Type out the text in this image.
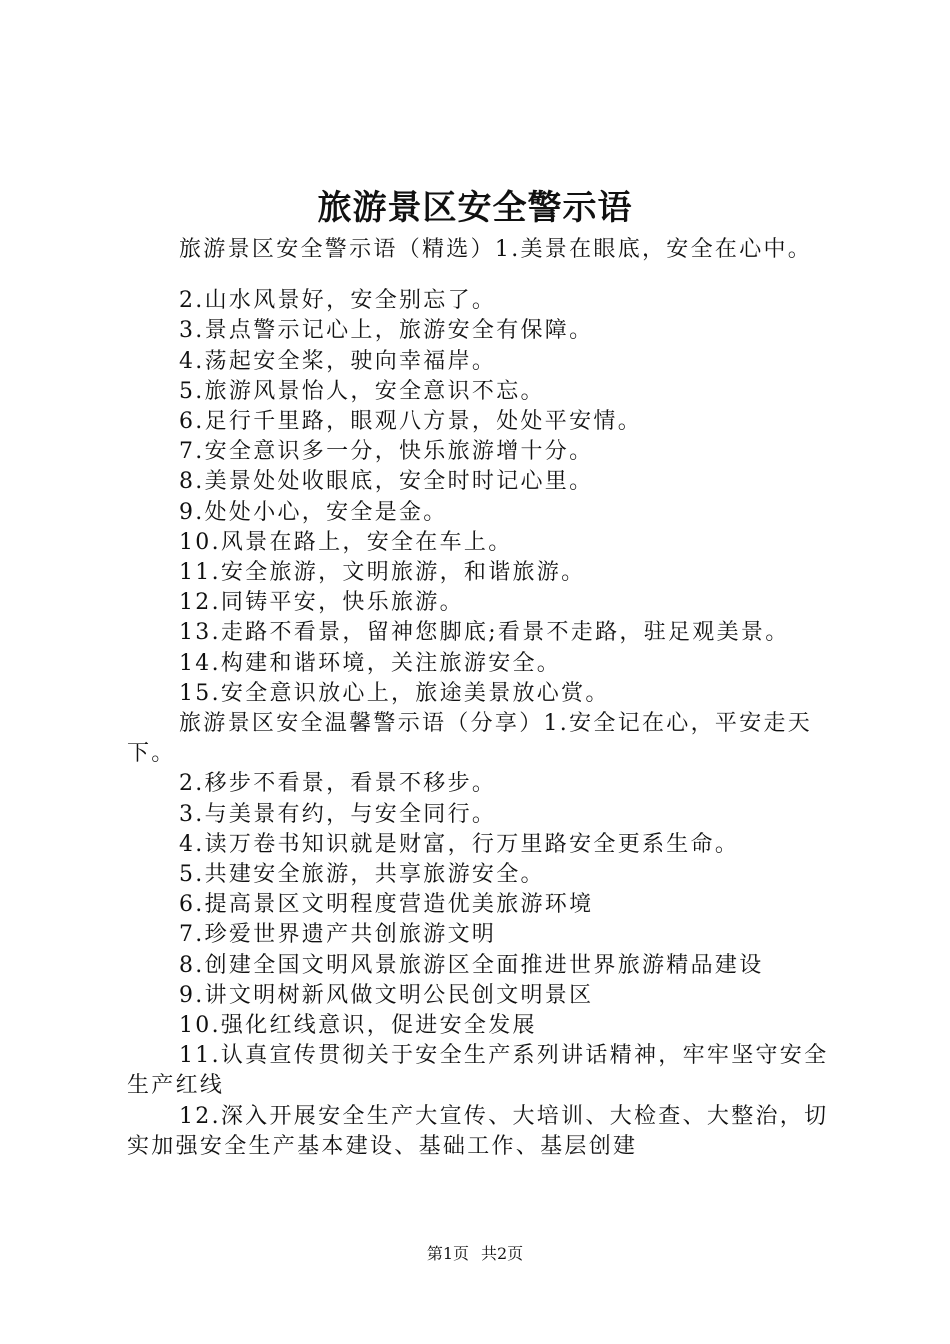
旅游景区安全警示语

旅游景区安全警示语（精选）1.美景在眼底，安全在心中。

2.山水风景好，安全别忘了。

3.景点警示记心上，旅游安全有保障。

4.荡起安全桨，驶向幸福岸。

5.旅游风景怡人，安全意识不忘。

6.足行千里路，眼观八方景，处处平安情。

7.安全意识多一分，快乐旅游增十分。

8.美景处处收眼底，安全时时记心里。

9.处处小心，安全是金。

10.风景在路上，安全在车上。

11.安全旅游，文明旅游，和谐旅游。

12.同铸平安，快乐旅游。

13.走路不看景，留神您脚底;看景不走路，驻足观美景。

14.构建和谐环境，关注旅游安全。

15.安全意识放心上，旅途美景放心赏。

旅游景区安全温馨警示语（分享）1.安全记在心，平安走天下。

2.移步不看景，看景不移步。

3.与美景有约，与安全同行。

4.读万卷书知识就是财富，行万里路安全更系生命。

5.共建安全旅游，共享旅游安全。

6.提高景区文明程度营造优美旅游环境

7.珍爱世界遗产共创旅游文明

8.创建全国文明风景旅游区全面推进世界旅游精品建设

9.讲文明树新风做文明公民创文明景区

10.强化红线意识，促进安全发展

11.认真宣传贯彻关于安全生产系列讲话精神，牢牢坚守安全生产红线

12.深入开展安全生产大宣传、大培训、大检查、大整治，切实加强安全生产基本建设、基础工作、基层创建

第1页 共2页
